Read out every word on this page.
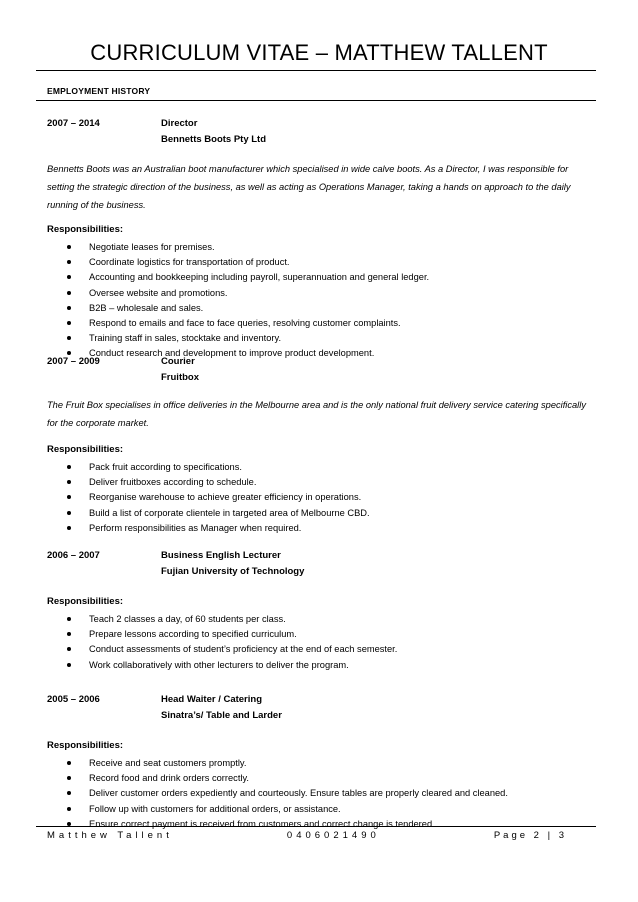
CURRICULUM VITAE – MATTHEW TALLENT
EMPLOYMENT HISTORY
2007 – 2014	Director
Bennetts Boots Pty Ltd
Bennetts Boots was an Australian boot manufacturer which specialised in wide calve boots. As a Director, I was responsible for setting the strategic direction of the business, as well as acting as Operations Manager, taking a hands on approach to the daily running of the business.
Responsibilities:
Negotiate leases for premises.
Coordinate logistics for transportation of product.
Accounting and bookkeeping including payroll, superannuation and general ledger.
Oversee website and promotions.
B2B – wholesale and sales.
Respond to emails and face to face queries, resolving customer complaints.
Training staff in sales, stocktake and inventory.
Conduct research and development to improve product development.
2007 – 2009	Courier
Fruitbox
The Fruit Box specialises in office deliveries in the Melbourne area and is the only national fruit delivery service catering specifically for the corporate market.
Responsibilities:
Pack fruit according to specifications.
Deliver fruitboxes according to schedule.
Reorganise warehouse to achieve greater efficiency in operations.
Build a list of corporate clientele in targeted area of Melbourne CBD.
Perform responsibilities as Manager when required.
2006 – 2007	Business English Lecturer
Fujian University of Technology
Responsibilities:
Teach 2 classes a day, of 60 students per class.
Prepare lessons according to specified curriculum.
Conduct assessments of student’s proficiency at the end of each semester.
Work collaboratively with other lecturers to deliver the program.
2005 – 2006	Head Waiter / Catering
Sinatra’s/ Table and Larder
Responsibilities:
Receive and seat customers promptly.
Record food and drink orders correctly.
Deliver customer orders expediently and courteously. Ensure tables are properly cleared and cleaned.
Follow up with customers for additional orders, or assistance.
Ensure correct payment is received from customers and correct change is tendered.
Matthew Tallent	0406021490	Page 2 | 3
